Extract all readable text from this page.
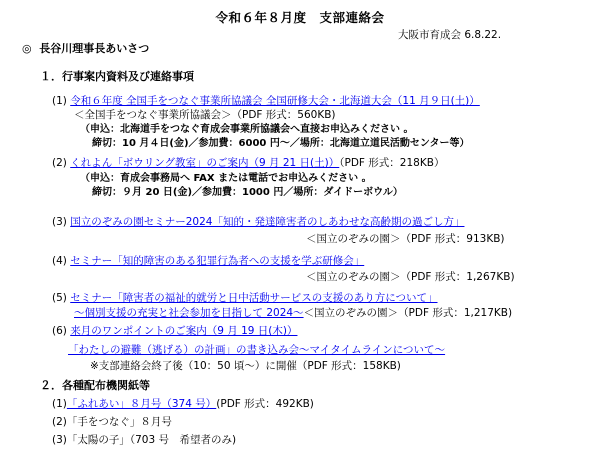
令和６年８月度　支部連絡会
大阪市育成会 6.8.22.
◎ 長谷川理事長あいさつ
１．行事案内資料及び連絡事項
(1) 令和６年度 全国手をつなぐ事業所協議会 全国研修大会・北海道大会（11 月９日(土)）
＜全国手をつなぐ事業所協議会＞（PDF 形式：560KB)
（申込：北海道手をつなぐ育成会事業所協議会へ直接お申込みください 。
締切：10 月４日(金)／参加費：6000 円～／場所：北海道立道民活動センター等）
(2) くれよん「ボウリング教室」のご案内（9 月 21 日(土)）（PDF 形式：218KB）
（申込：育成会事務局へ FAX または電話でお申込みください 。
締切：９月 20 日(金)／参加費：1000 円／場所：ダイドーボウル）
(3) 国立のぞみの園セミナー2024「知的・発達障害者のしあわせな高齢期の過ごし方」
＜国立のぞみの園＞（PDF 形式：913KB)
(4) セミナー「知的障害のある犯罪行為者への支援を学ぶ研修会」
＜国立のぞみの園＞（PDF 形式：1,267KB)
(5) セミナー「障害者の福祉的就労と日中活動サービスの支援のあり方について」
～個別支援の充実と社会参加を目指して 2024～＜国立のぞみの園＞（PDF 形式：1,217KB)
(6) 来月のワンポイントのご案内（9 月 19 日(木)）
「わたしの避難（逃げる）の計画」の書き込み会～マイタイムラインについて～
※支部連絡会終了後（10：50 頃～）に開催（PDF 形式：158KB)
２．各種配布機関紙等
(1)「ふれあい」８月号（374 号）(PDF 形式：492KB)
(2)「手をつなぐ」８月号
(3)「太陽の子」（703 号　希望者のみ)
